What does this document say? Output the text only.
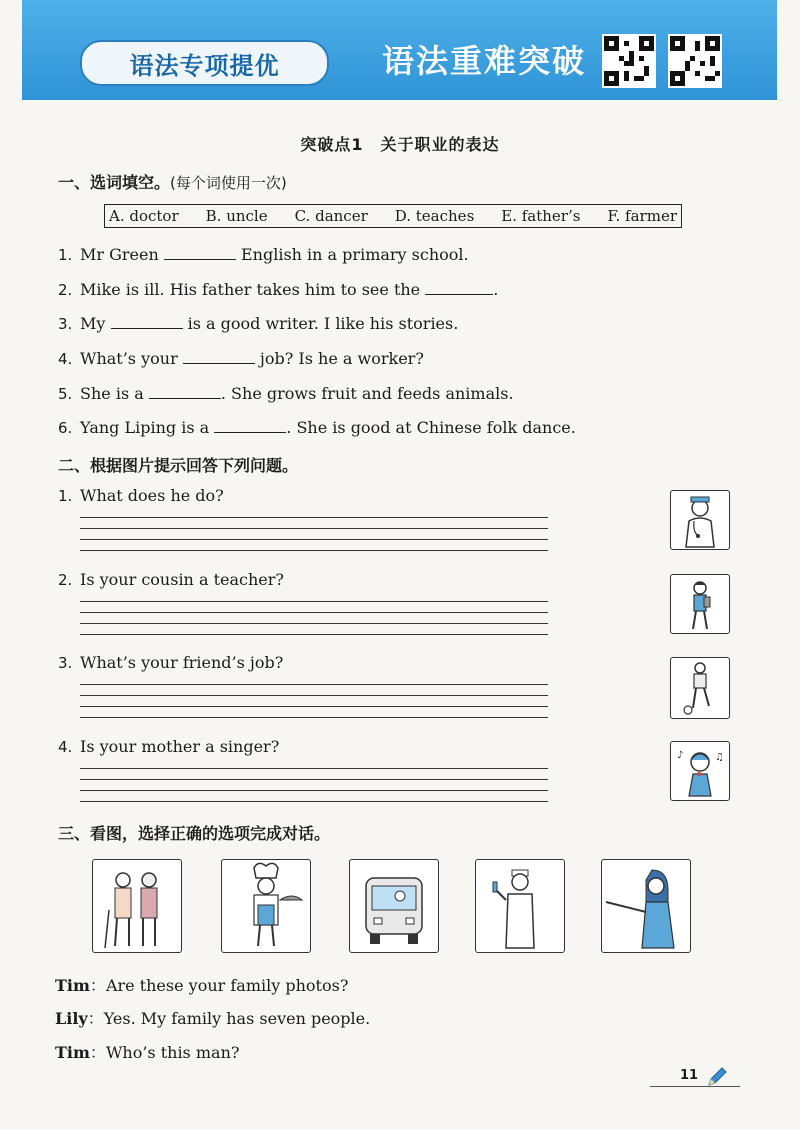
语法专项提优	语法重难突破
突破点1　关于职业的表达
一、选词填空。(每个词使用一次)
A. doctor B. uncle C. dancer D. teaches E. father’s F. farmer
1. Mr Green	English in a primary school.
2. Mike is ill. His father takes him to see the	.
3. My	is a good writer. I like his stories.
4. What’s your	job? Is he a worker?
5. She is a	. She grows fruit and feeds animals.
6. Yang Liping is a	. She is good at Chinese folk dance.
二、根据图片提示回答下列问题。
1. What does he do?
2. Is your cousin a teacher?
3. What’s your friend’s job?
4. Is your mother a singer?	♪	♫
三、看图，选择正确的选项完成对话。
Tim：Are these your family photos?
Lily：Yes. My family has seven people.
Tim：Who’s this man?
11
